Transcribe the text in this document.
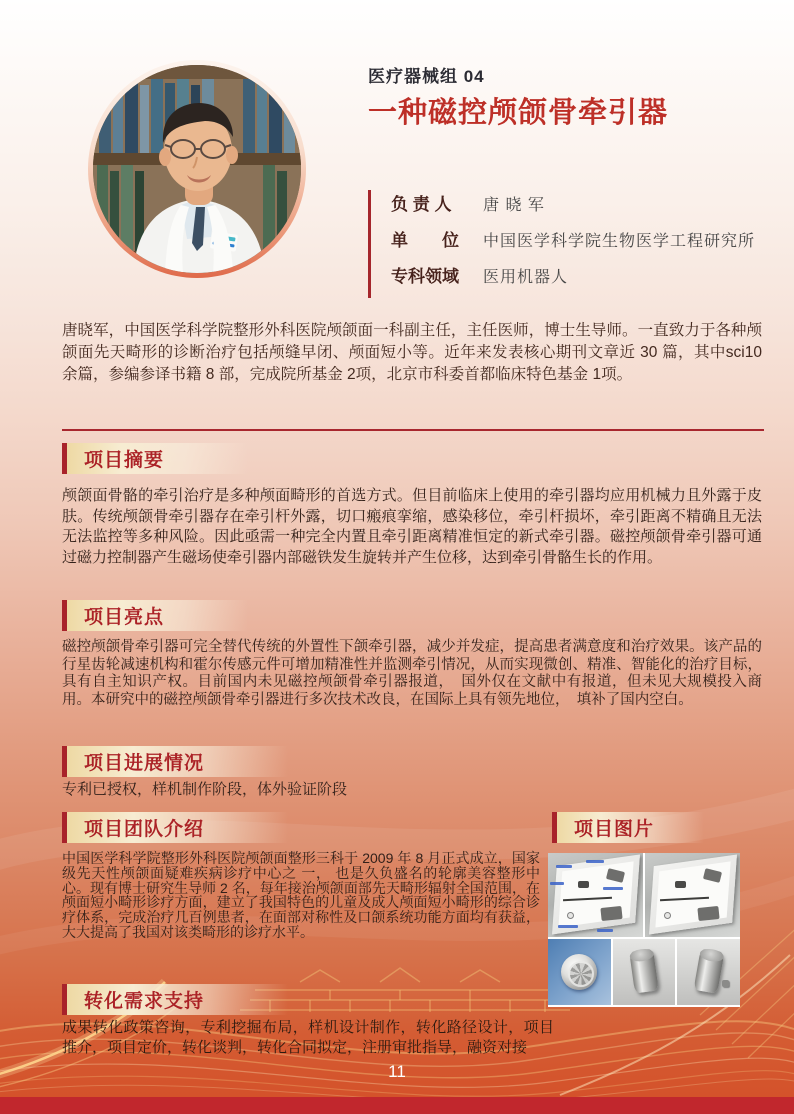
医疗器械组 04
一种磁控颅颌骨牵引器
负 责 人	唐 晓 军
单　　位	中国医学科学院生物医学工程研究所
专科领域	医用机器人
唐晓军，中国医学科学院整形外科医院颅颌面一科副主任，主任医师，博士生导师。一直致力于各种颅颌面先天畸形的诊断治疗包括颅缝早闭、颅面短小等。近年来发表核心期刊文章近 30 篇，其中sci10 余篇，参编参译书籍 8 部，完成院所基金 2项，北京市科委首都临床特色基金 1项。
项目摘要
颅颌面骨骼的牵引治疗是多种颅面畸形的首选方式。但目前临床上使用的牵引器均应用机械力且外露于皮肤。传统颅颌骨牵引器存在牵引杆外露，切口瘢痕挛缩，感染移位，牵引杆损坏，牵引距离不精确且无法无法监控等多种风险。因此亟需一种完全内置且牵引距离精准恒定的新式牵引器。磁控颅颌骨牵引器可通过磁力控制器产生磁场使牵引器内部磁铁发生旋转并产生位移，达到牵引骨骼生长的作用。
项目亮点
磁控颅颌骨牵引器可完全替代传统的外置性下颌牵引器，减少并发症，提高患者满意度和治疗效果。该产品的行星齿轮减速机构和霍尔传感元件可增加精准性并监测牵引情况，从而实现微创、精准、智能化的治疗目标，具有自主知识产权。目前国内未见磁控颅颌骨牵引器报道，　国外仅在文献中有报道，但未见大规模投入商用。本研究中的磁控颅颌骨牵引器进行多次技术改良，在国际上具有领先地位，　填补了国内空白。
项目进展情况
专利已授权，样机制作阶段，体外验证阶段
项目团队介绍
中国医学科学院整形外科医院颅颌面整形三科于 2009 年 8 月正式成立，国家级先天性颅颌面疑难疾病诊疗中心之 一， 也是久负盛名的轮廓美容整形中心。现有博士研究生导师 2 名，每年接治颅颌面部先天畸形辐射全国范围，在颅面短小畸形诊疗方面，建立了我国特色的儿童及成人颅面短小畸形的综合诊疗体系，完成治疗几百例患者，在面部对称性及口颌系统功能方面均有获益，大大提高了我国对该类畸形的诊疗水平。
项目图片
转化需求支持
成果转化政策咨询，专利挖掘布局，样机设计制作，转化路径设计，项目推介，项目定价，转化谈判，转化合同拟定，注册审批指导，融资对接
11
